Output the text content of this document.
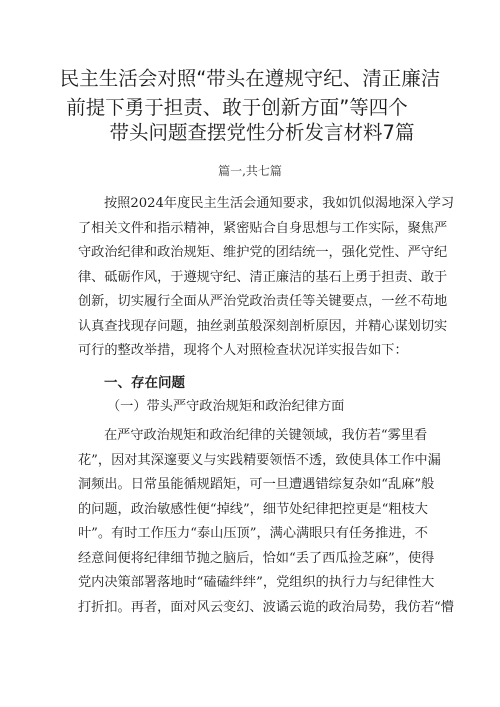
民主生活会对照“带头在遵规守纪、清正廉洁
前提下勇于担责、敢于创新方面”等四个
带头问题查摆党性分析发言材料7篇
篇一,共七篇
按照2024年度民主生活会通知要求，我如饥似渴地深入学习
了相关文件和指示精神，紧密贴合自身思想与工作实际，聚焦严
守政治纪律和政治规矩、维护党的团结统一，强化党性、严守纪
律、砥砺作风，于遵规守纪、清正廉洁的基石上勇于担责、敢于
创新，切实履行全面从严治党政治责任等关键要点，一丝不苟地
认真查找现存问题，抽丝剥茧般深刻剖析原因，并精心谋划切实
可行的整改举措，现将个人对照检查状况详实报告如下：
一、存在问题
（一）带头严守政治规矩和政治纪律方面
在严守政治规矩和政治纪律的关键领域，我仿若“雾里看
花”，因对其深邃要义与实践精要领悟不透，致使具体工作中漏
洞频出。日常虽能循规蹈矩，可一旦遭遇错综复杂如“乱麻”般
的问题，政治敏感性便“掉线”，细节处纪律把控更是“粗枝大
叶”。有时工作压力“泰山压顶”，满心满眼只有任务推进，不
经意间便将纪律细节抛之脑后，恰如“丢了西瓜捡芝麻”，使得
党内决策部署落地时“磕磕绊绊”，党组织的执行力与纪律性大
打折扣。再者，面对风云变幻、波谲云诡的政治局势，我仿若“懵
